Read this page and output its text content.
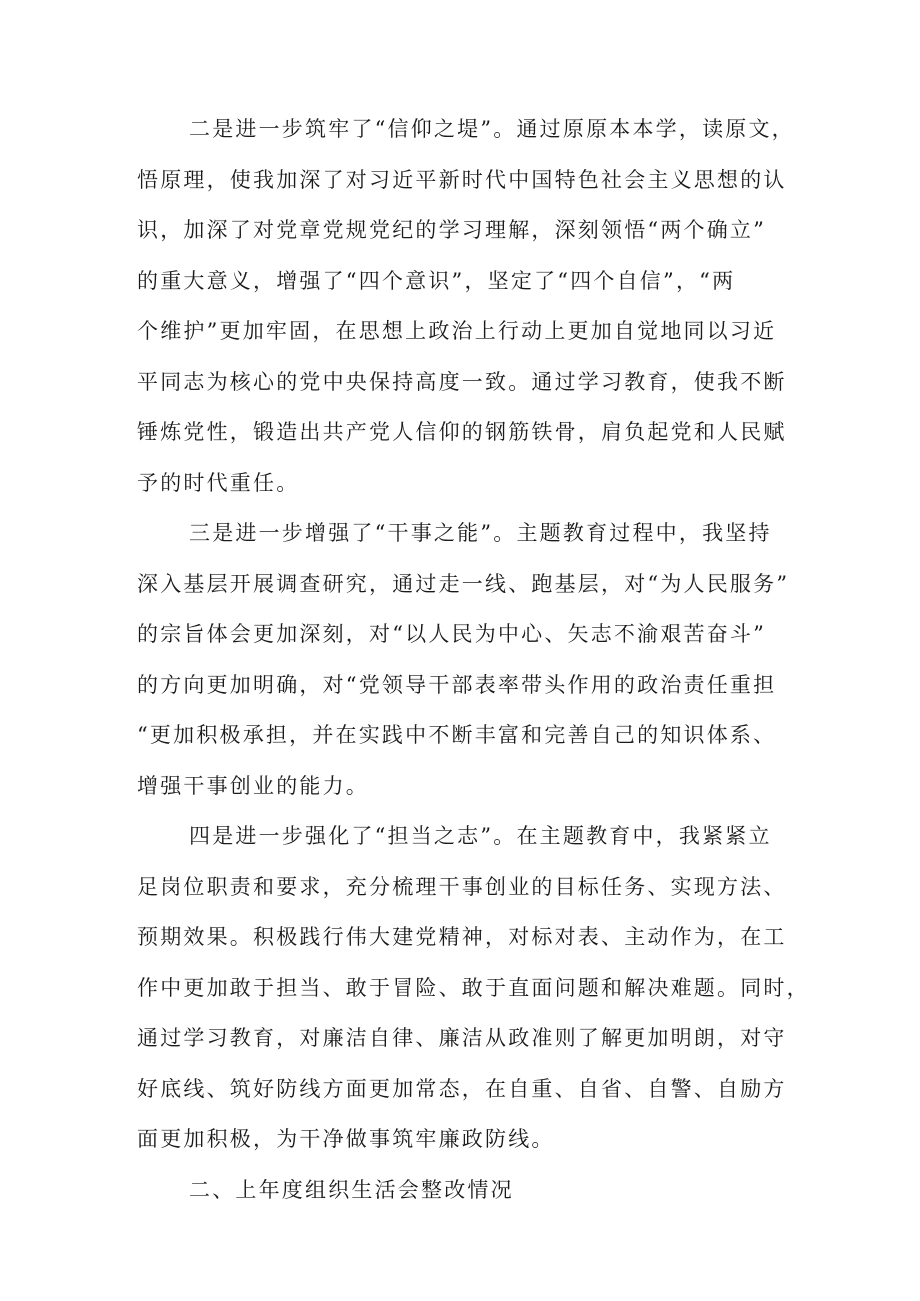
二是进一步筑牢了“信仰之堤”。通过原原本本学，读原文，
悟原理，使我加深了对习近平新时代中国特色社会主义思想的认
识，加深了对党章党规党纪的学习理解，深刻领悟“两个确立”
的重大意义，增强了“四个意识”，坚定了“四个自信”，“两
个维护”更加牢固，在思想上政治上行动上更加自觉地同以习近
平同志为核心的党中央保持高度一致。通过学习教育，使我不断
锤炼党性，锻造出共产党人信仰的钢筋铁骨，肩负起党和人民赋
予的时代重任。
三是进一步增强了“干事之能”。主题教育过程中，我坚持
深入基层开展调查研究，通过走一线、跑基层，对“为人民服务”
的宗旨体会更加深刻，对“以人民为中心、矢志不渝艰苦奋斗”
的方向更加明确，对“党领导干部表率带头作用的政治责任重担
“更加积极承担，并在实践中不断丰富和完善自己的知识体系、
增强干事创业的能力。
四是进一步强化了“担当之志”。在主题教育中，我紧紧立
足岗位职责和要求，充分梳理干事创业的目标任务、实现方法、
预期效果。积极践行伟大建党精神，对标对表、主动作为，在工
作中更加敢于担当、敢于冒险、敢于直面问题和解决难题。同时，
通过学习教育，对廉洁自律、廉洁从政准则了解更加明朗，对守
好底线、筑好防线方面更加常态，在自重、自省、自警、自励方
面更加积极，为干净做事筑牢廉政防线。
二、上年度组织生活会整改情况
